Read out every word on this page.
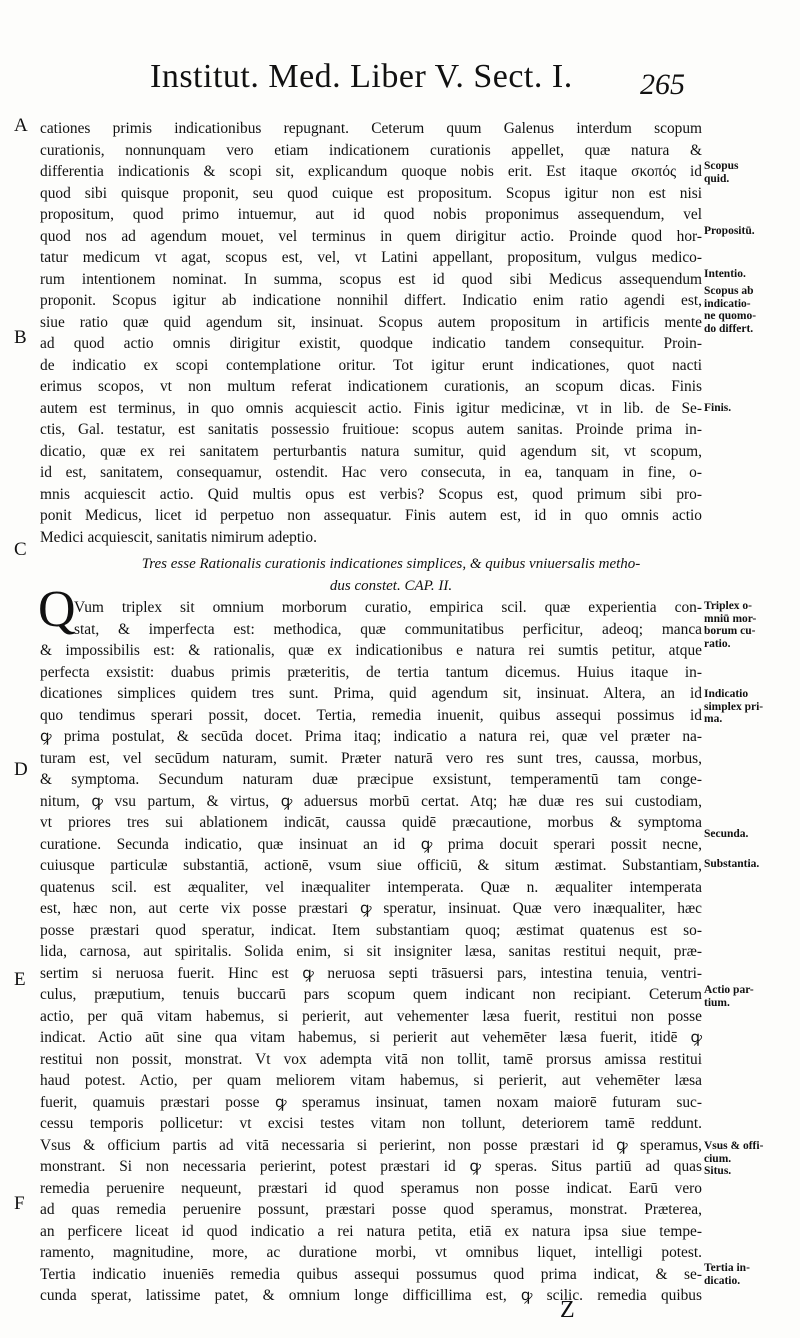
Institut. Med. Liber V. Sect. I. 265
A
B
C
D
E
F
Q
cationes primis indicationibus repugnant. Ceterum quum Galenus interdum scopum
curationis, nonnunquam vero etiam indicationem curationis appellet, quæ natura &
differentia indicationis & scopi sit, explicandum quoque nobis erit. Est itaque σκοπός id
quod sibi quisque proponit, seu quod cuique est propositum. Scopus igitur non est nisi
propositum, quod primo intuemur, aut id quod nobis proponimus assequendum, vel
quod nos ad agendum mouet, vel terminus in quem dirigitur actio. Proinde quod hor-
tatur medicum vt agat, scopus est, vel, vt Latini appellant, propositum, vulgus medico-
rum intentionem nominat. In summa, scopus est id quod sibi Medicus assequendum
proponit. Scopus igitur ab indicatione nonnihil differt. Indicatio enim ratio agendi est,
siue ratio quæ quid agendum sit, insinuat. Scopus autem propositum in artificis mente
ad quod actio omnis dirigitur existit, quodque indicatio tandem consequitur. Proin-
de indicatio ex scopi contemplatione oritur. Tot igitur erunt indicationes, quot nacti
erimus scopos, vt non multum referat indicationem curationis, an scopum dicas. Finis
autem est terminus, in quo omnis acquiescit actio. Finis igitur medicinæ, vt in lib. de Se-
ctis, Gal. testatur, est sanitatis possessio fruitioue: scopus autem sanitas. Proinde prima in-
dicatio, quæ ex rei sanitatem perturbantis natura sumitur, quid agendum sit, vt scopum,
id est, sanitatem, consequamur, ostendit. Hac vero consecuta, in ea, tanquam in fine, o-
mnis acquiescit actio. Quid multis opus est verbis? Scopus est, quod primum sibi pro-
ponit Medicus, licet id perpetuo non assequatur. Finis autem est, id in quo omnis actio
Medici acquiescit, sanitatis nimirum adeptio.
Tres esse Rationalis curationis indicationes simplices, & quibus vniuersalis metho-
dus constet. CAP. II.
Vum triplex sit omnium morborum curatio, empirica scil. quæ experientia con-
stat, & imperfecta est: methodica, quæ communitatibus perficitur, adeoq; manca
& impossibilis est: & rationalis, quæ ex indicationibus e natura rei sumtis petitur, atque
perfecta exsistit: duabus primis præteritis, de tertia tantum dicemus. Huius itaque in-
dicationes simplices quidem tres sunt. Prima, quid agendum sit, insinuat. Altera, an id
quo tendimus sperari possit, docet. Tertia, remedia inuenit, quibus assequi possimus id
ꝙ prima postulat, & secūda docet. Prima itaq; indicatio a natura rei, quæ vel præter na-
turam est, vel secūdum naturam, sumit. Præter naturā vero res sunt tres, caussa, morbus,
& symptoma. Secundum naturam duæ præcipue exsistunt, temperamentū tam conge-
nitum, ꝙ vsu partum, & virtus, ꝙ aduersus morbū certat. Atq; hæ duæ res sui custodiam,
vt priores tres sui ablationem indicāt, caussa quidē præcautione, morbus & symptoma
curatione. Secunda indicatio, quæ insinuat an id ꝙ prima docuit sperari possit necne,
cuiusque particulæ substantiā, actionē, vsum siue officiū, & situm æstimat. Substantiam,
quatenus scil. est æqualiter, vel inæqualiter intemperata. Quæ n. æqualiter intemperata
est, hæc non, aut certe vix posse præstari ꝙ speratur, insinuat. Quæ vero inæqualiter, hæc
posse præstari quod speratur, indicat. Item substantiam quoq; æstimat quatenus est so-
lida, carnosa, aut spiritalis. Solida enim, si sit insigniter læsa, sanitas restitui nequit, præ-
sertim si neruosa fuerit. Hinc est ꝙ neruosa septi trāsuersi pars, intestina tenuia, ventri-
culus, præputium, tenuis buccarū pars scopum quem indicant non recipiant. Ceterum
actio, per quā vitam habemus, si perierit, aut vehementer læsa fuerit, restitui non posse
indicat. Actio aūt sine qua vitam habemus, si perierit aut vehemēter læsa fuerit, itidē ꝙ
restitui non possit, monstrat. Vt vox adempta vitā non tollit, tamē prorsus amissa restitui
haud potest. Actio, per quam meliorem vitam habemus, si perierit, aut vehemēter læsa
fuerit, quamuis præstari posse ꝙ speramus insinuat, tamen noxam maiorē futuram suc-
cessu temporis pollicetur: vt excisi testes vitam non tollunt, deteriorem tamē reddunt.
Vsus & officium partis ad vitā necessaria si perierint, non posse præstari id ꝙ speramus,
monstrant. Si non necessaria perierint, potest præstari id ꝙ speras. Situs partiū ad quas
remedia peruenire nequeunt, præstari id quod speramus non posse indicat. Earū vero
ad quas remedia peruenire possunt, præstari posse quod speramus, monstrat. Præterea,
an perficere liceat id quod indicatio a rei natura petita, etiā ex natura ipsa siue tempe-
ramento, magnitudine, more, ac duratione morbi, vt omnibus liquet, intelligi potest.
Tertia indicatio inueniēs remedia quibus assequi possumus quod prima indicat, & se-
cunda sperat, latissime patet, & omnium longe difficillima est, ꝙ scilic. remedia quibus
Scopus
quid.
Propositū.
Intentio.
Scopus ab
indicatio-
ne quomo-
do differt.
Finis.
Triplex o-
mniū mor-
borum cu-
ratio.
Indicatio
simplex pri-
ma.
Secunda.
Substantia.
Actio par-
tium.
Vsus & offi-
cium.
Situs.
Tertia in-
dicatio.
Z
